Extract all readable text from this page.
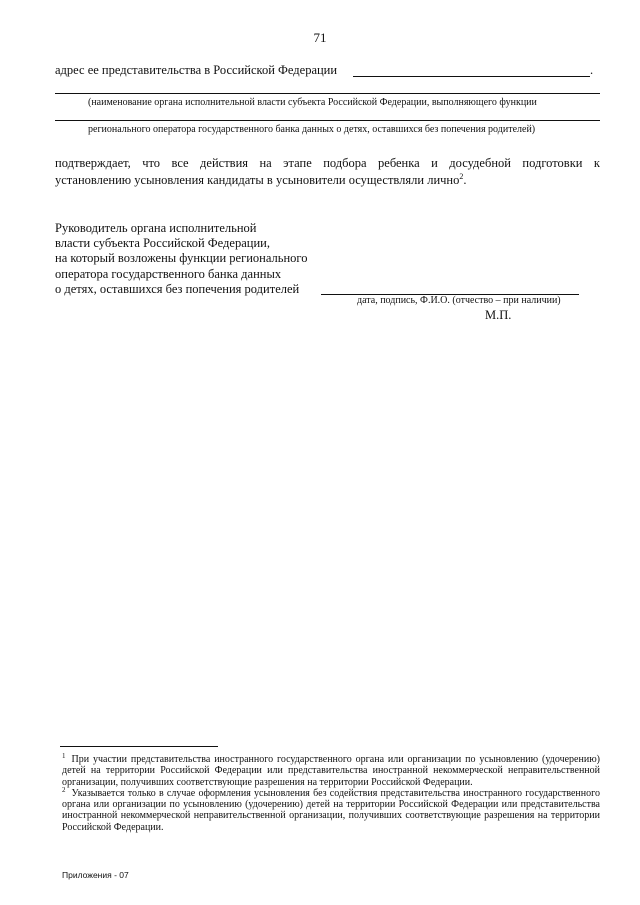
71
адрес ее представительства в Российской Федерации	.
(наименование органа исполнительной власти субъекта Российской Федерации, выполняющего функции
регионального оператора государственного банка данных о детях, оставшихся без попечения родителей)
подтверждает, что все действия на этапе подбора ребенка и досудебной подготовки к
установлению усыновления кандидаты в усыновители осуществляли лично$^2$.
Руководитель органа исполнительной
власти субъекта Российской Федерации,
на который возложены функции регионального
оператора государственного банка данных
о детях, оставшихся без попечения родителей
дата, подпись, Ф.И.О. (отчество – при наличии)
М.П.
$^1$ При участии представительства иностранного государственного органа или организации по усыновлению (удочерению) детей на территории Российской Федерации или представительства иностранной некоммерческой неправительственной организации, получивших соответствующие разрешения на территории Российской Федерации.
$^2$ Указывается только в случае оформления усыновления без содействия представительства иностранного государственного органа или организации по усыновлению (удочерению) детей на территории Российской Федерации или представительства иностранной некоммерческой неправительственной организации, получивших соответствующие разрешения на территории Российской Федерации.
Приложения - 07
